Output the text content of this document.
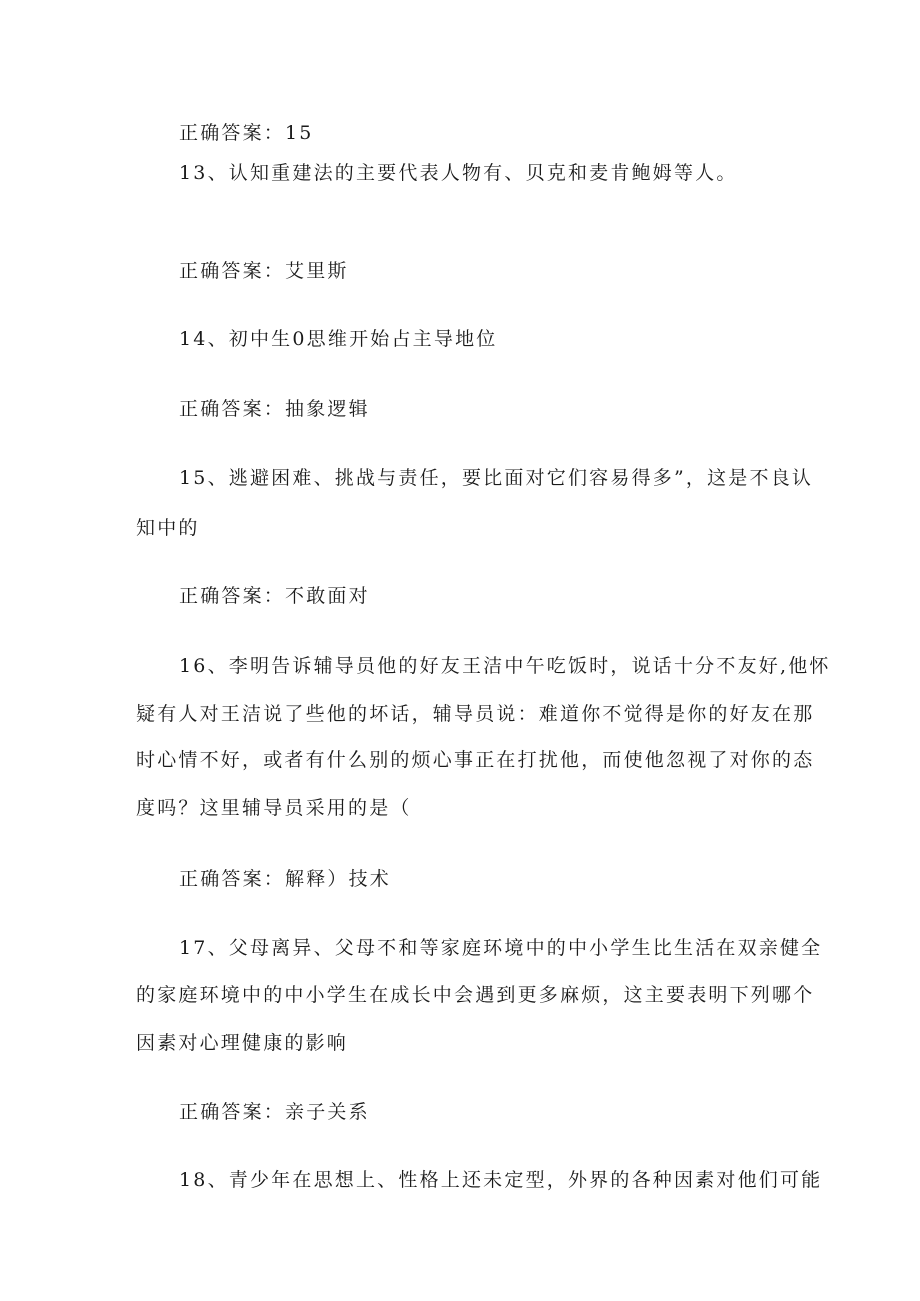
正确答案：15
13、认知重建法的主要代表人物有、贝克和麦肯鲍姆等人。
正确答案：艾里斯
14、初中生0思维开始占主导地位
正确答案：抽象逻辑
15、逃避困难、挑战与责任，要比面对它们容易得多”，这是不良认
知中的
正确答案：不敢面对
16、李明告诉辅导员他的好友王洁中午吃饭时，说话十分不友好,他怀
疑有人对王洁说了些他的坏话，辅导员说：难道你不觉得是你的好友在那
时心情不好，或者有什么别的烦心事正在打扰他，而使他忽视了对你的态
度吗？这里辅导员采用的是（
正确答案：解释）技术
17、父母离异、父母不和等家庭环境中的中小学生比生活在双亲健全
的家庭环境中的中小学生在成长中会遇到更多麻烦，这主要表明下列哪个
因素对心理健康的影响
正确答案：亲子关系
18、青少年在思想上、性格上还未定型，外界的各种因素对他们可能
